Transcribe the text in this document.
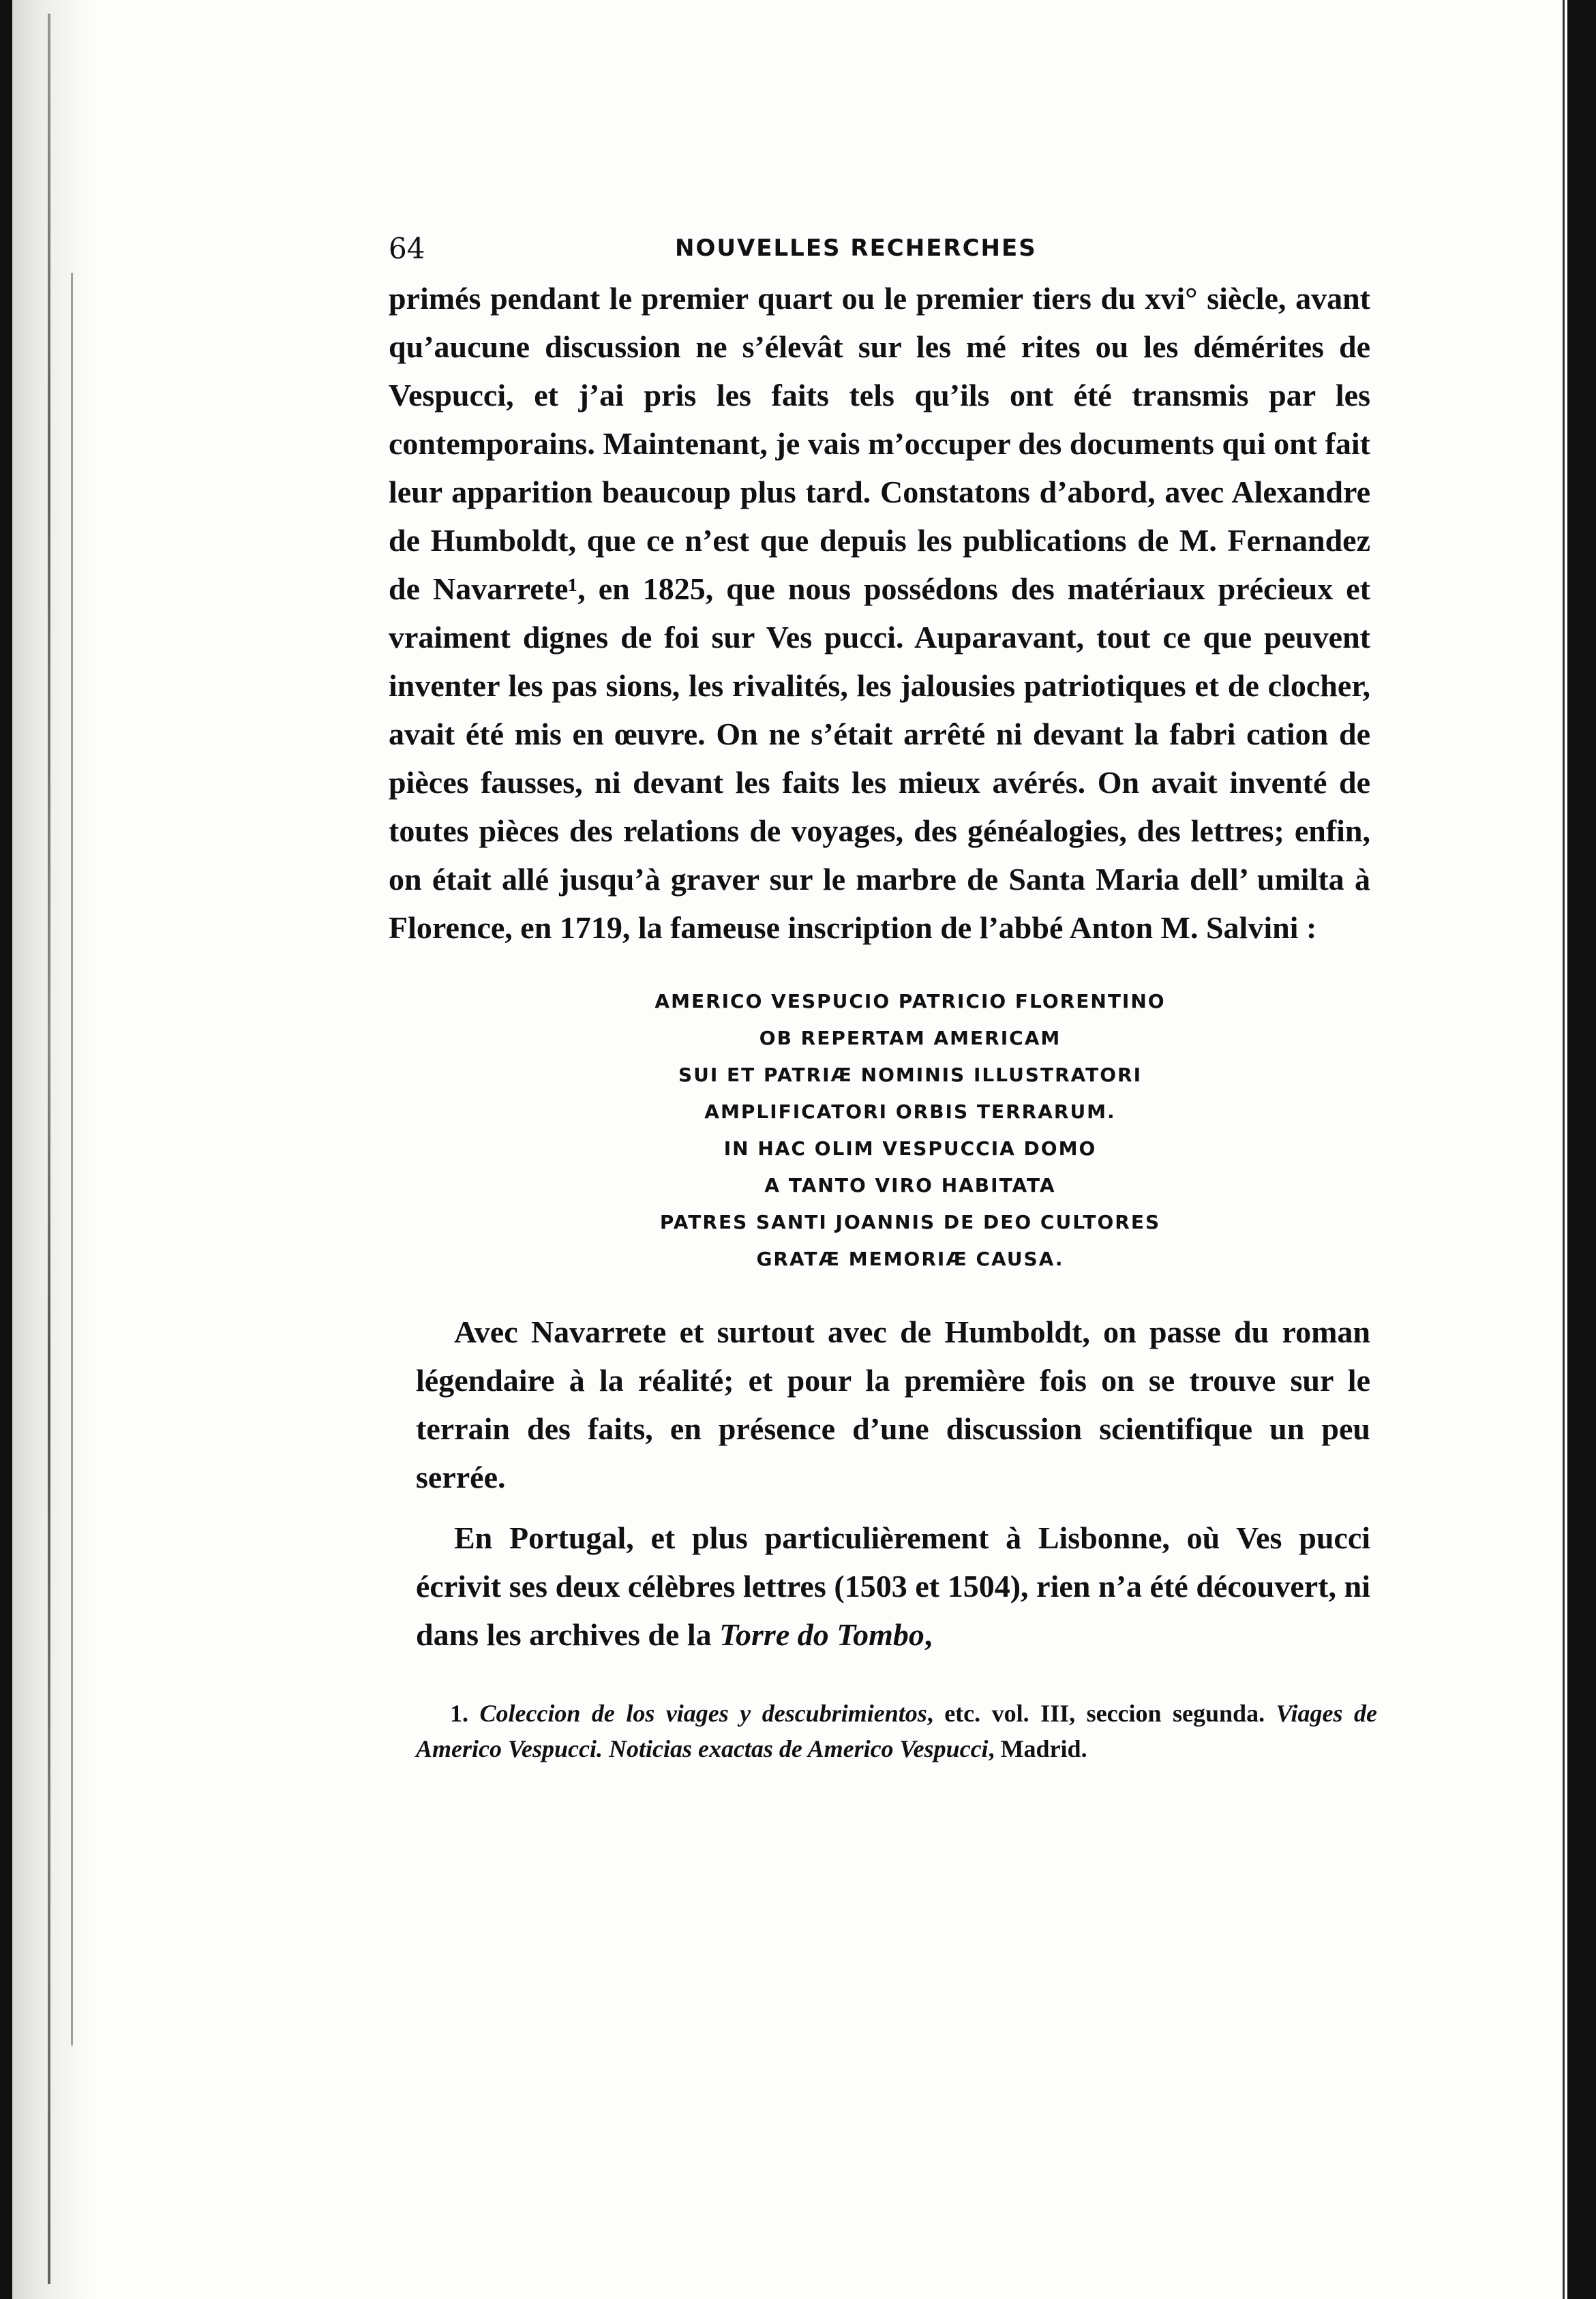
64	NOUVELLES RECHERCHES
primés pendant le premier quart ou le premier tiers du xvi° siècle, avant qu’aucune discussion ne s’élevât sur les mé rites ou les démérites de Vespucci, et j’ai pris les faits tels qu’ils ont été transmis par les contemporains. Maintenant, je vais m’occuper des documents qui ont fait leur apparition beaucoup plus tard. Constatons d’abord, avec Alexandre de Humboldt, que ce n’est que depuis les publications de M. Fernandez de Navarrete¹, en 1825, que nous possédons des matériaux précieux et vraiment dignes de foi sur Ves pucci. Auparavant, tout ce que peuvent inventer les pas sions, les rivalités, les jalousies patriotiques et de clocher, avait été mis en œuvre. On ne s’était arrêté ni devant la fabri cation de pièces fausses, ni devant les faits les mieux avérés. On avait inventé de toutes pièces des relations de voyages, des généalogies, des lettres; enfin, on était allé jusqu’à graver sur le marbre de Santa Maria dell’ umilta à Florence, en 1719, la fameuse inscription de l’abbé Anton M. Salvini :
AMERICO VESPUCIO PATRICIO FLORENTINO
OB REPERTAM AMERICAM
SUI ET PATRIÆ NOMINIS ILLUSTRATORI
AMPLIFICATORI ORBIS TERRARUM.
IN HAC OLIM VESPUCCIA DOMO
A TANTO VIRO HABITATA
PATRES SANTI JOANNIS DE DEO CULTORES
GRATÆ MEMORIÆ CAUSA.
Avec Navarrete et surtout avec de Humboldt, on passe du roman légendaire à la réalité; et pour la première fois on se trouve sur le terrain des faits, en présence d’une discussion scientifique un peu serrée.
En Portugal, et plus particulièrement à Lisbonne, où Ves pucci écrivit ses deux célèbres lettres (1503 et 1504), rien n’a été découvert, ni dans les archives de la Torre do Tombo,
1. Coleccion de los viages y descubrimientos, etc. vol. III, seccion segunda. Viages de Americo Vespucci. Noticias exactas de Americo Vespucci, Madrid.
